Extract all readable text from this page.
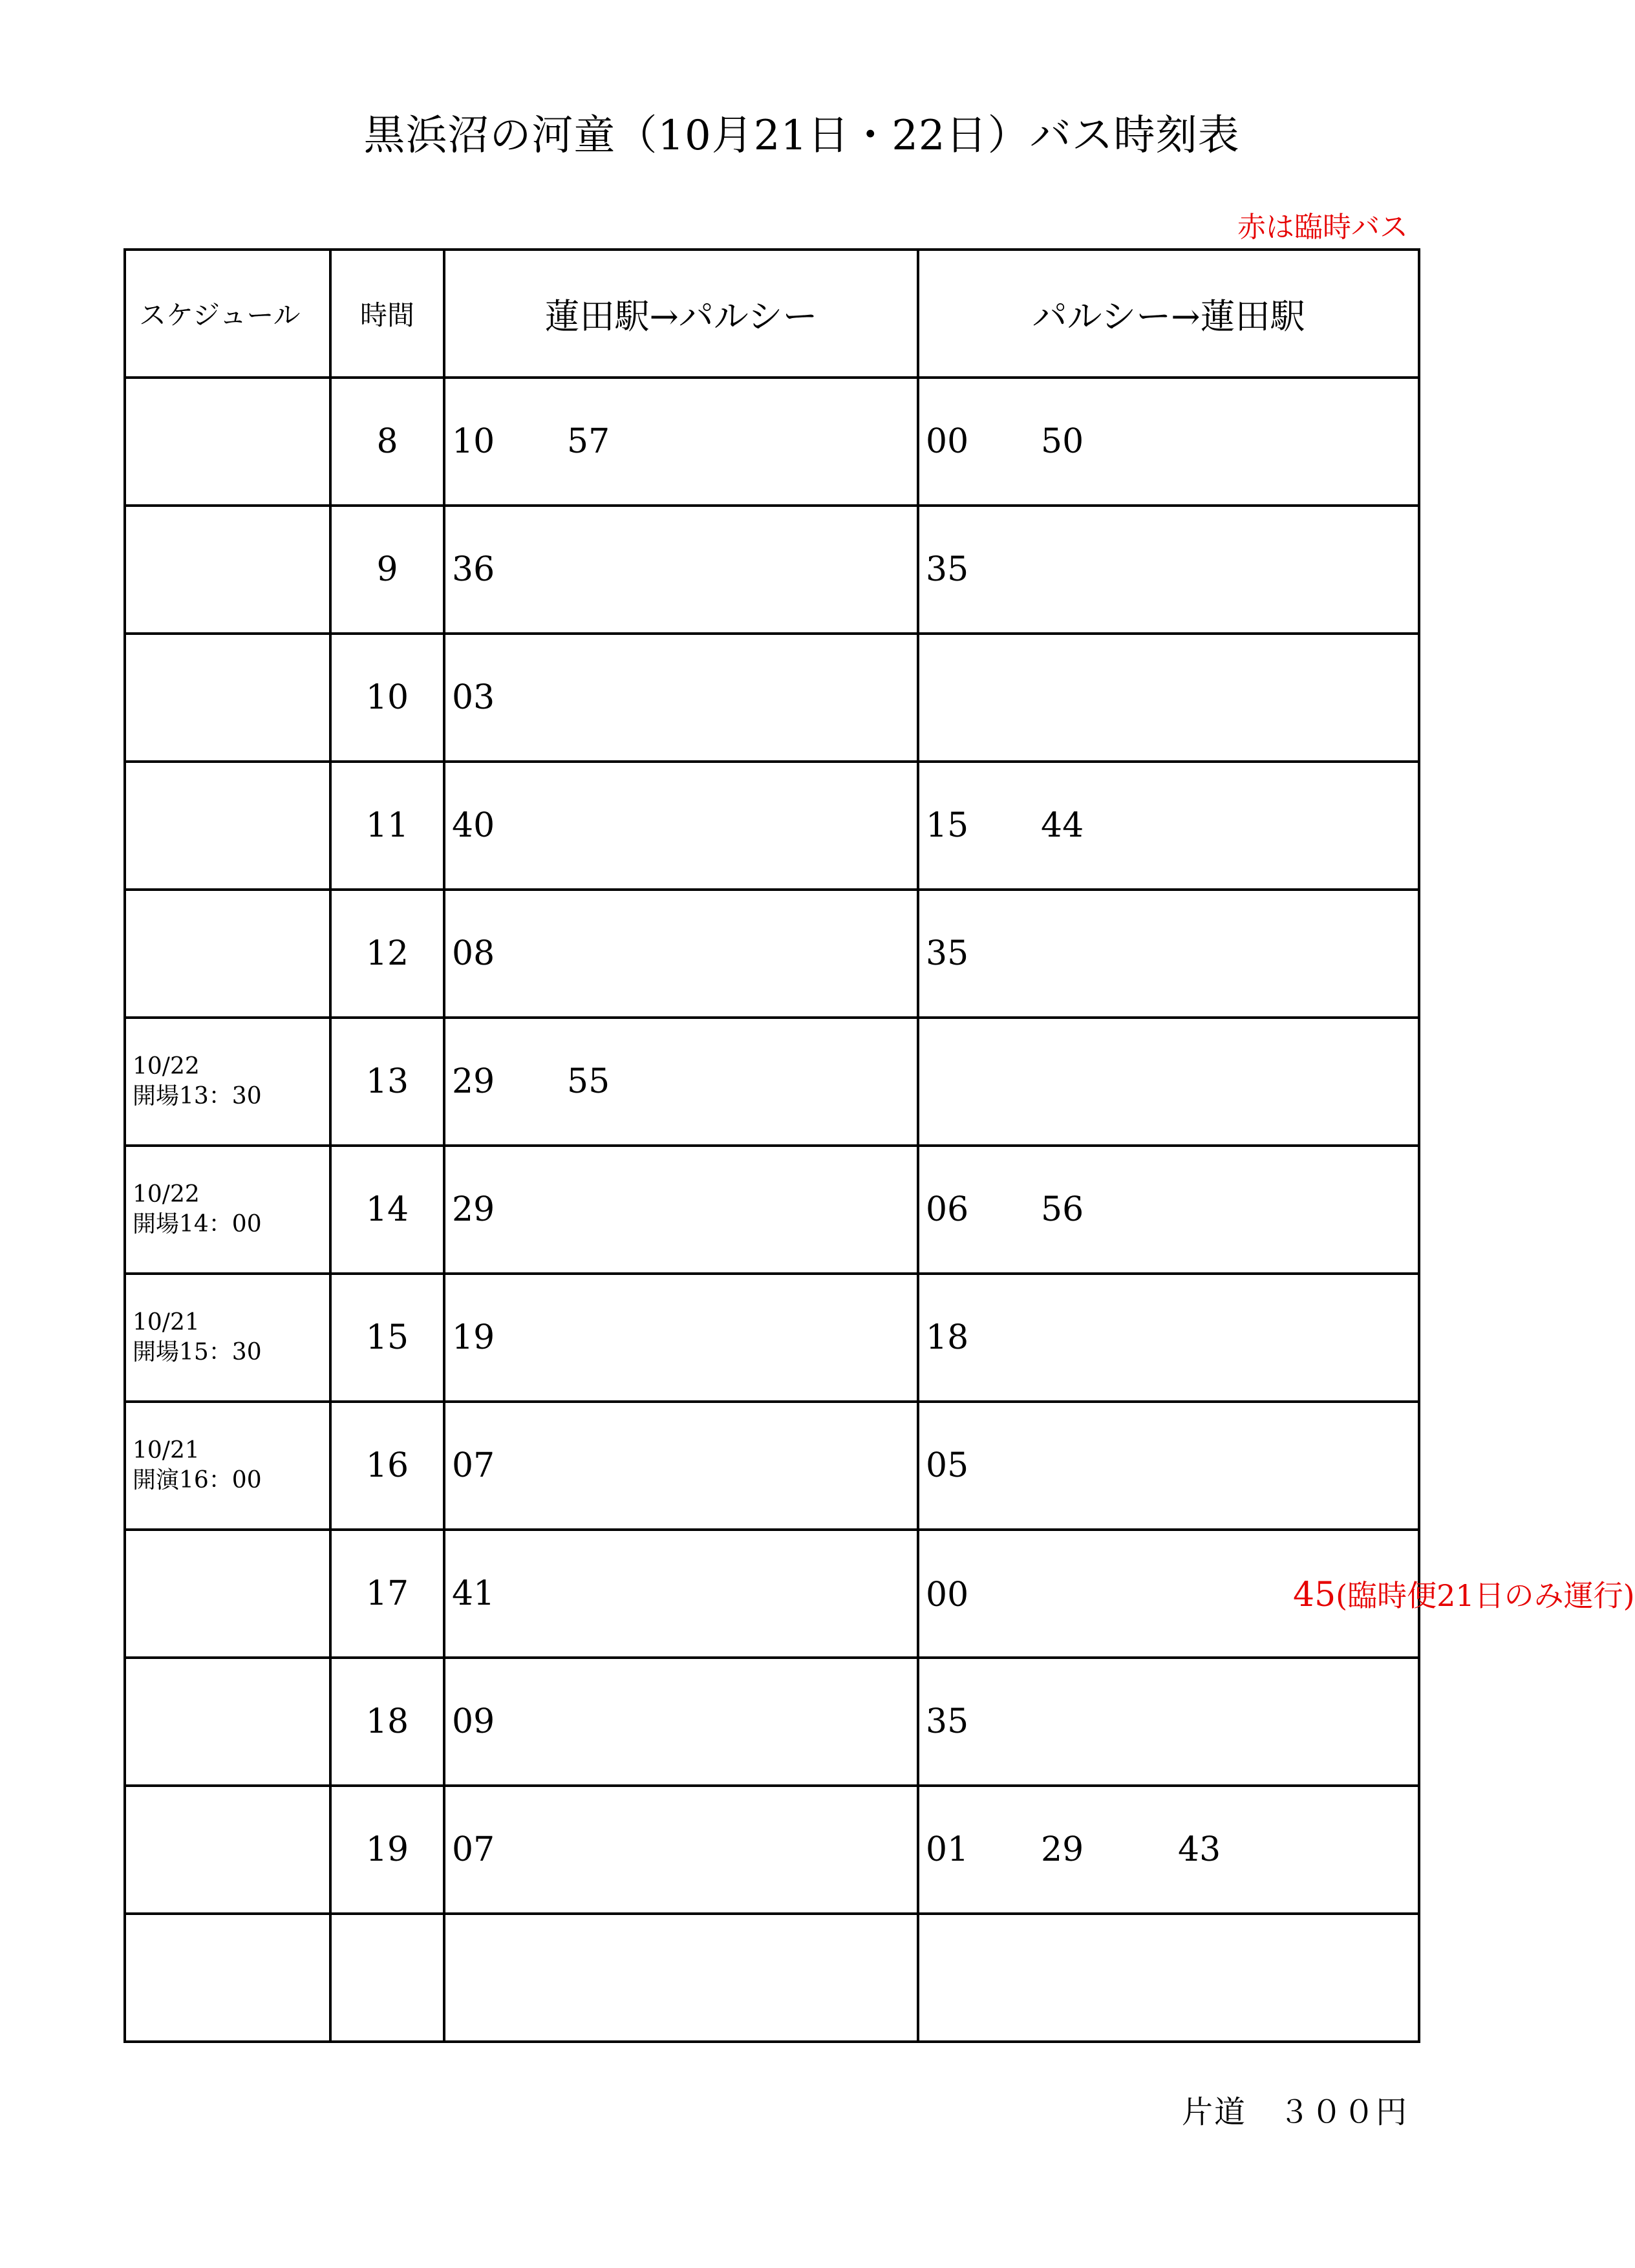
黒浜沼の河童（10月21日・22日）バス時刻表
赤は臨時バス
スケジュール	時間	蓮田駅→パルシー	パルシー→蓮田駅

	8	10 57	00 50

	9	36	35

	10	03	

	11	40	15 44

	12	08	35

10/22
開場13：30	13	29 55	

10/22
開場14：00	14	29	06 56

10/21
開場15：30	15	19	18

10/21
開演16：00	16	07	05

	17	41	00 45(臨時便21日のみ運行)

	18	09	35

	19	07	01 29 43

片道　３００円
